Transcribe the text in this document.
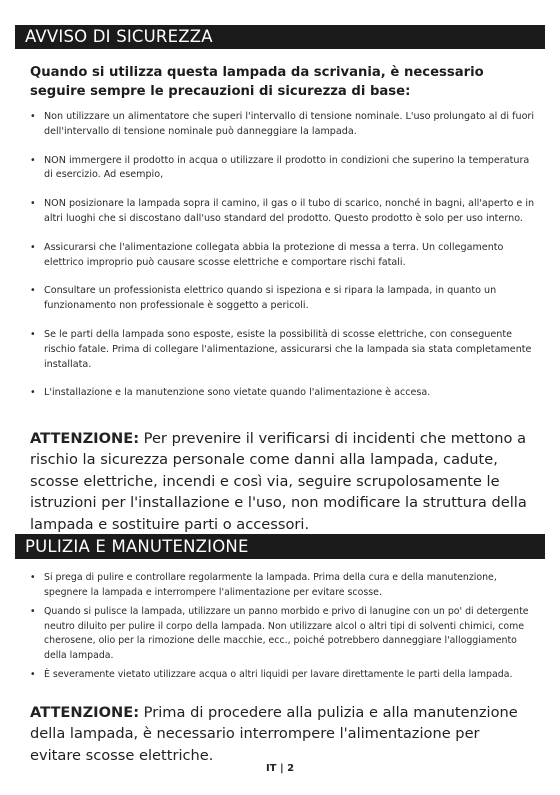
AVVISO DI SICUREZZA
Quando si utilizza questa lampada da scrivania, è necessario seguire sempre le precauzioni di sicurezza di base:
• Non utilizzare un alimentatore che superi l'intervallo di tensione nominale. L'uso prolungato al di fuori dell'intervallo di tensione nominale può danneggiare la lampada.
• NON immergere il prodotto in acqua o utilizzare il prodotto in condizioni che superino la temperatura di esercizio. Ad esempio,
• NON posizionare la lampada sopra il camino, il gas o il tubo di scarico, nonché in bagni, all'aperto e in altri luoghi che si discostano dall'uso standard del prodotto. Questo prodotto è solo per uso interno.
• Assicurarsi che l'alimentazione collegata abbia la protezione di messa a terra. Un collegamento elettrico improprio può causare scosse elettriche e comportare rischi fatali.
• Consultare un professionista elettrico quando si ispeziona e si ripara la lampada, in quanto un funzionamento non professionale è soggetto a pericoli.
• Se le parti della lampada sono esposte, esiste la possibilità di scosse elettriche, con conseguente rischio fatale. Prima di collegare l'alimentazione, assicurarsi che la lampada sia stata completamente installata.
• L'installazione e la manutenzione sono vietate quando l'alimentazione è accesa.
ATTENZIONE: Per prevenire il verificarsi di incidenti che mettono a rischio la sicurezza personale come danni alla lampada, cadute, scosse elettriche, incendi e così via, seguire scrupolosamente le istruzioni per l'installazione e l'uso, non modificare la struttura della lampada e sostituire parti o accessori.
PULIZIA E MANUTENZIONE
• Si prega di pulire e controllare regolarmente la lampada. Prima della cura e della manutenzione, spegnere la lampada e interrompere l'alimentazione per evitare scosse.
• Quando si pulisce la lampada, utilizzare un panno morbido e privo di lanugine con un po' di detergente neutro diluito per pulire il corpo della lampada. Non utilizzare alcol o altri tipi di solventi chimici, come cherosene, olio per la rimozione delle macchie, ecc., poiché potrebbero danneggiare l'alloggiamento della lampada.
• È severamente vietato utilizzare acqua o altri liquidi per lavare direttamente le parti della lampada.
ATTENZIONE: Prima di procedere alla pulizia e alla manutenzione della lampada, è necessario interrompere l'alimentazione per evitare scosse elettriche.
IT | 2
